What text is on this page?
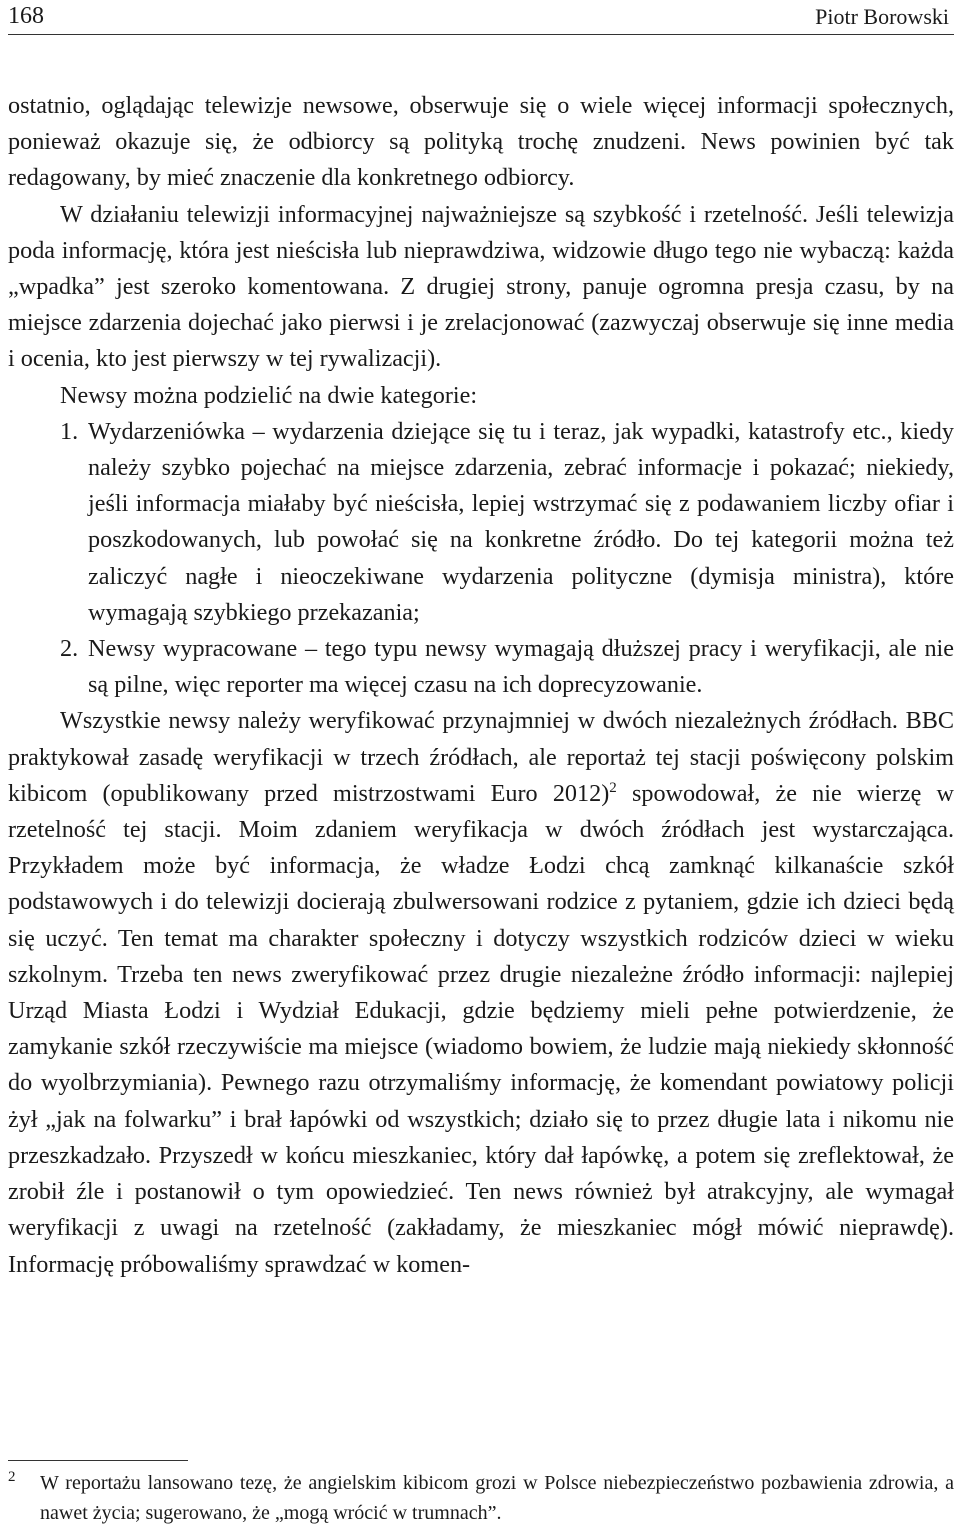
168	Piotr Borowski

ostatnio, oglądając telewizje newsowe, obserwuje się o wiele więcej informacji społecznych, ponieważ okazuje się, że odbiorcy są polityką trochę znudzeni. News powinien być tak redagowany, by mieć znaczenie dla konkretnego odbiorcy.

W działaniu telewizji informacyjnej najważniejsze są szybkość i rzetelność. Jeśli telewizja poda informację, która jest nieścisła lub nieprawdziwa, widzowie długo tego nie wybaczą: każda „wpadka” jest szeroko komentowana. Z drugiej strony, panuje ogromna presja czasu, by na miejsce zdarzenia dojechać jako pierwsi i je zrelacjonować (zazwyczaj obserwuje się inne media i ocenia, kto jest pierwszy w tej rywalizacji).

Newsy można podzielić na dwie kategorie:

1. Wydarzeniówka – wydarzenia dziejące się tu i teraz, jak wypadki, katastrofy etc., kiedy należy szybko pojechać na miejsce zdarzenia, zebrać informacje i pokazać; niekiedy, jeśli informacja miałaby być nieścisła, lepiej wstrzymać się z podawaniem liczby ofiar i poszkodowanych, lub powołać się na konkretne źródło. Do tej kategorii można też zaliczyć nagłe i nieoczekiwane wydarzenia polityczne (dymisja ministra), które wymagają szybkiego przekazania;
2. Newsy wypracowane – tego typu newsy wymagają dłuższej pracy i weryfikacji, ale nie są pilne, więc reporter ma więcej czasu na ich doprecyzowanie.

Wszystkie newsy należy weryfikować przynajmniej w dwóch niezależnych źródłach. BBC praktykował zasadę weryfikacji w trzech źródłach, ale reportaż tej stacji poświęcony polskim kibicom (opublikowany przed mistrzostwami Euro 2012)$^2$ spowodował, że nie wierzę w rzetelność tej stacji. Moim zdaniem weryfikacja w dwóch źródłach jest wystarczająca. Przykładem może być informacja, że władze Łodzi chcą zamknąć kilkanaście szkół podstawowych i do telewizji docierają zbulwersowani rodzice z pytaniem, gdzie ich dzieci będą się uczyć. Ten temat ma charakter społeczny i dotyczy wszystkich rodziców dzieci w wieku szkolnym. Trzeba ten news zweryfikować przez drugie niezależne źródło informacji: najlepiej Urząd Miasta Łodzi i Wydział Edukacji, gdzie będziemy mieli pełne potwierdzenie, że zamykanie szkół rzeczywiście ma miejsce (wiadomo bowiem, że ludzie mają niekiedy skłonność do wyolbrzymiania). Pewnego razu otrzymaliśmy informację, że komendant powiatowy policji żył „jak na folwarku” i brał łapówki od wszystkich; działo się to przez długie lata i nikomu nie przeszkadzało. Przyszedł w końcu mieszkaniec, który dał łapówkę, a potem się zreflektował, że zrobił źle i postanowił o tym opowiedzieć. Ten news również był atrakcyjny, ale wymagał weryfikacji z uwagi na rzetelność (zakładamy, że mieszkaniec mógł mówić nieprawdę). Informację próbowaliśmy sprawdzać w komen-

2 W reportażu lansowano tezę, że angielskim kibicom grozi w Polsce niebezpieczeństwo pozbawienia zdrowia, a nawet życia; sugerowano, że „mogą wrócić w trumnach”.
